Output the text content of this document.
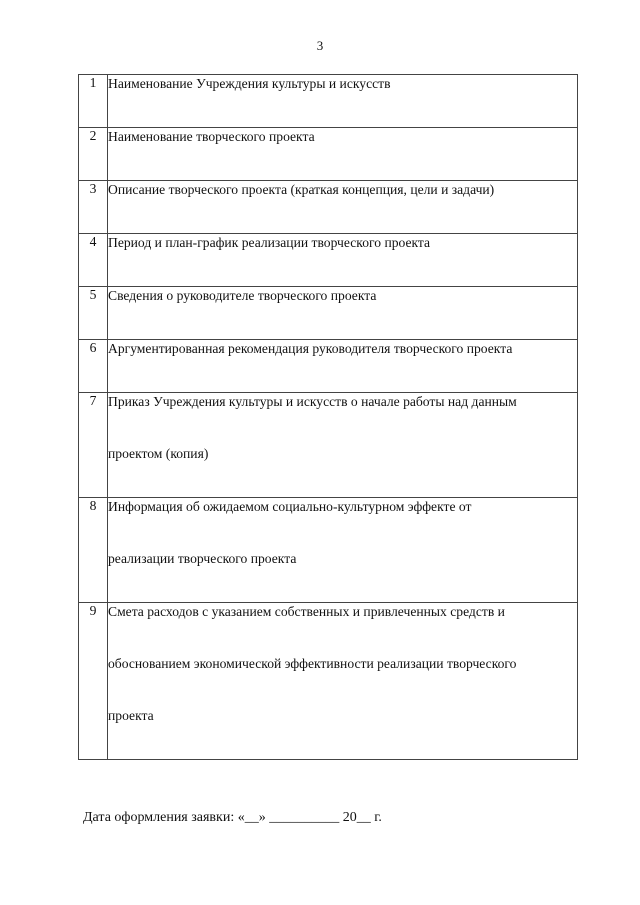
3
1	Наименование Учреждения культуры и искусств

2	Наименование творческого проекта

3	Описание творческого проекта (краткая концепция, цели и задачи)

4	Период и план-график реализации творческого проекта

5	Сведения о руководителе творческого проекта

6	Аргументированная рекомендация руководителя творческого проекта

7	Приказ Учреждения культуры и искусств о начале работы над данным
проектом (копия)

8	Информация об ожидаемом социально-культурном эффекте от
реализации творческого проекта

9	Смета расходов с указанием собственных и привлеченных средств и
обоснованием экономической эффективности реализации творческого
проекта
Дата оформления заявки: «__» __________ 20__ г.
